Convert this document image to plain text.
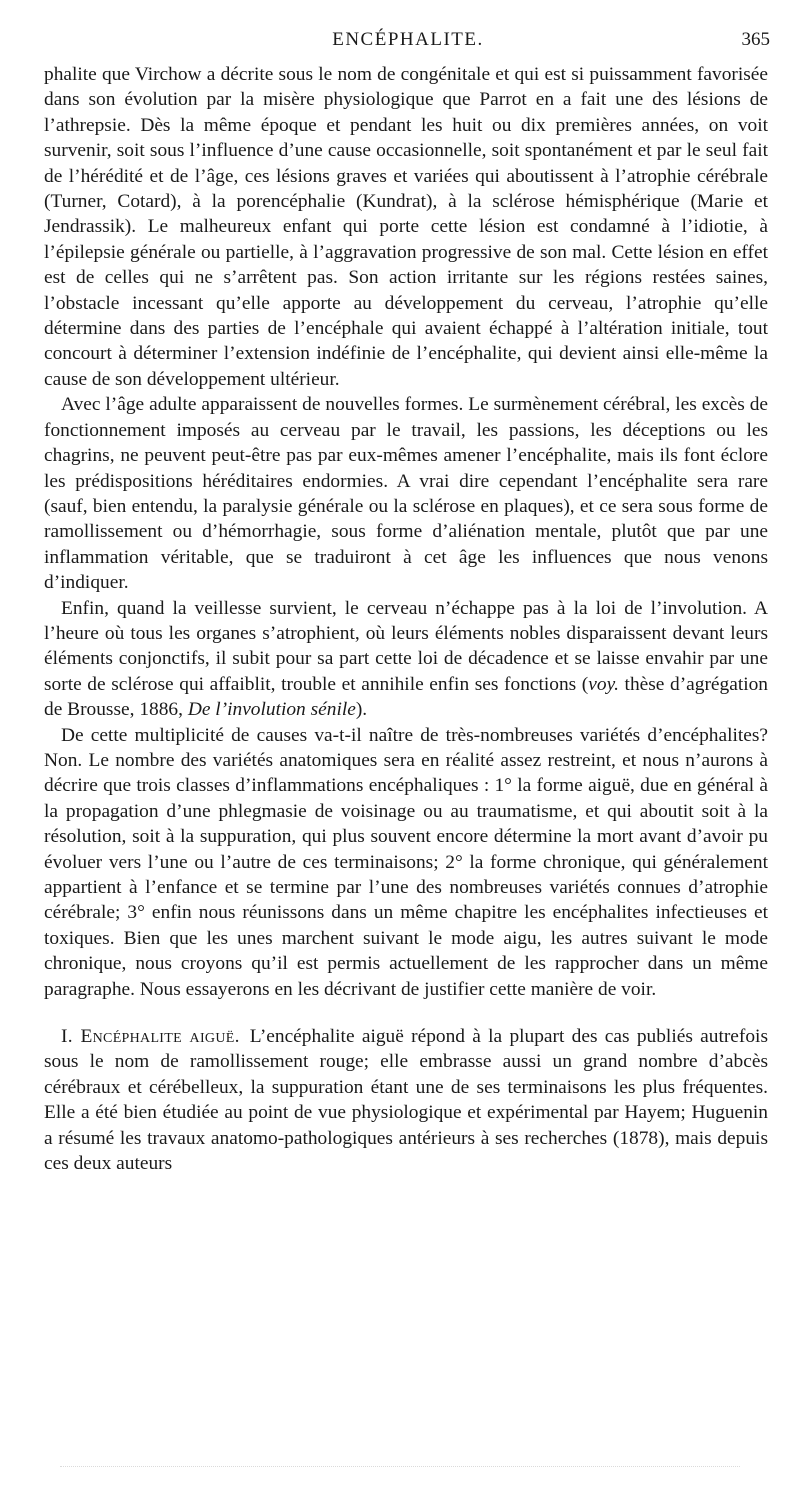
ENCÉPHALITE.	365

phalite que Virchow a décrite sous le nom de congénitale et qui est si puissamment favorisée dans son évolution par la misère physiologique que Parrot en a fait une des lésions de l’athrepsie. Dès la même époque et pendant les huit ou dix premières années, on voit survenir, soit sous l’influence d’une cause occasionnelle, soit spontanément et par le seul fait de l’hérédité et de l’âge, ces lésions graves et variées qui aboutissent à l’atrophie cérébrale (Turner, Cotard), à la porencéphalie (Kundrat), à la sclérose hémisphérique (Marie et Jendrassik). Le malheureux enfant qui porte cette lésion est condamné à l’idiotie, à l’épilepsie générale ou partielle, à l’aggravation progressive de son mal. Cette lésion en effet est de celles qui ne s’arrêtent pas. Son action irritante sur les régions restées saines, l’obstacle incessant qu’elle apporte au développement du cerveau, l’atrophie qu’elle détermine dans des parties de l’encéphale qui avaient échappé à l’altération initiale, tout concourt à déterminer l’extension indéfinie de l’encéphalite, qui devient ainsi elle-même la cause de son développement ultérieur.

Avec l’âge adulte apparaissent de nouvelles formes. Le surmènement cérébral, les excès de fonctionnement imposés au cerveau par le travail, les passions, les déceptions ou les chagrins, ne peuvent peut-être pas par eux-mêmes amener l’encéphalite, mais ils font éclore les prédispositions héréditaires endormies. A vrai dire cependant l’encéphalite sera rare (sauf, bien entendu, la paralysie générale ou la sclérose en plaques), et ce sera sous forme de ramollissement ou d’hémorrhagie, sous forme d’aliénation mentale, plutôt que par une inflammation véritable, que se traduiront à cet âge les influences que nous venons d’indiquer.

Enfin, quand la veillesse survient, le cerveau n’échappe pas à la loi de l’involution. A l’heure où tous les organes s’atrophient, où leurs éléments nobles disparaissent devant leurs éléments conjonctifs, il subit pour sa part cette loi de décadence et se laisse envahir par une sorte de sclérose qui affaiblit, trouble et annihile enfin ses fonctions (voy. thèse d’agrégation de Brousse, 1886, De l’involution sénile).

De cette multiplicité de causes va-t-il naître de très-nombreuses variétés d’encéphalites? Non. Le nombre des variétés anatomiques sera en réalité assez restreint, et nous n’aurons à décrire que trois classes d’inflammations encéphaliques : 1° la forme aiguë, due en général à la propagation d’une phlegmasie de voisinage ou au traumatisme, et qui aboutit soit à la résolution, soit à la suppuration, qui plus souvent encore détermine la mort avant d’avoir pu évoluer vers l’une ou l’autre de ces terminaisons; 2° la forme chronique, qui généralement appartient à l’enfance et se termine par l’une des nombreuses variétés connues d’atrophie cérébrale; 3° enfin nous réunissons dans un même chapitre les encéphalites infectieuses et toxiques. Bien que les unes marchent suivant le mode aigu, les autres suivant le mode chronique, nous croyons qu’il est permis actuellement de les rapprocher dans un même paragraphe. Nous essayerons en les décrivant de justifier cette manière de voir.

I. Encéphalite aiguë. L’encéphalite aiguë répond à la plupart des cas publiés autrefois sous le nom de ramollissement rouge; elle embrasse aussi un grand nombre d’abcès cérébraux et cérébelleux, la suppuration étant une de ses terminaisons les plus fréquentes. Elle a été bien étudiée au point de vue physiologique et expérimental par Hayem; Huguenin a résumé les travaux anatomo-pathologiques antérieurs à ses recherches (1878), mais depuis ces deux auteurs
